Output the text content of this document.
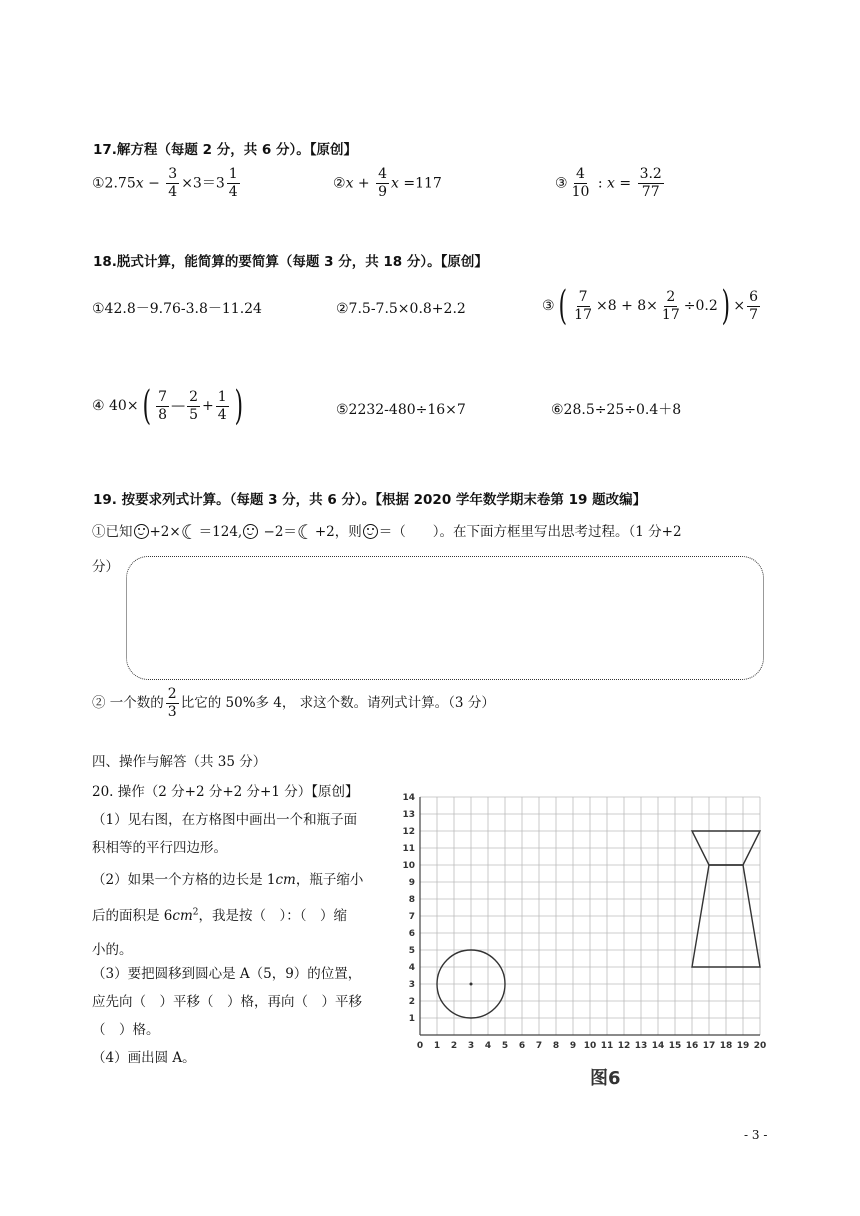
17.解方程（每题 2 分，共 6 分）。【原创】
①2.75x − $\frac{3}{4} \times 3=3 \frac{1}{4}$	②x + $\frac{4}{9}$ x =117	③ $\frac{4}{10}$ : $x = \frac{3.2}{77}$
18.脱式计算，能简算的要简算（每题 3 分，共 18 分）。【原创】
①42.8－9.76-3.8－11.24	②7.5-7.5×0.8+2.2	③( $\frac{7}{17} \times 8 + 8\times \frac{2}{17} \div 0.2) \times \frac{6}{7}$
④ $40\times( \frac{7}{8}$ — $\frac{2}{5} + \frac{1}{4}$ )	⑤2232-480÷16×7	⑥28.5÷25÷0.4＋8
19. 按要求列式计算。（每题 3 分，共 6 分）。【根据 2020 学年数学期末卷第 19 题改编】
①已知 +2×☾＝124, −2＝☾+2，则 ＝（　　）。在下面方框里写出思考过程。（1 分+2
分）
② 一个数的 $\frac{2}{3}$ 比它的 50%多 4， 求这个数。请列式计算。（3 分）
四、操作与解答（共 35 分）
20. 操作（2 分+2 分+2 分+1 分）【原创】
（1）见右图，在方格图中画出一个和瓶子面
积相等的平行四边形。
（2）如果一个方格的边长是 1cm，瓶子缩小
后的面积是 $6cm^2$，我是按（　）：（　）缩
小的。
（3）要把圆移到圆心是 A（5，9）的位置，
应先向（　）平移（　）格，再向（　）平移
（　）格。
（4）画出圆 A。
0 1 2 3 4 5 6 7 8 9 10 11 12 13 14 15 16 17 18 19 20
1
2
3
4
5
6
7
8
9
10
11
12
13
14
图6
- 3 -
